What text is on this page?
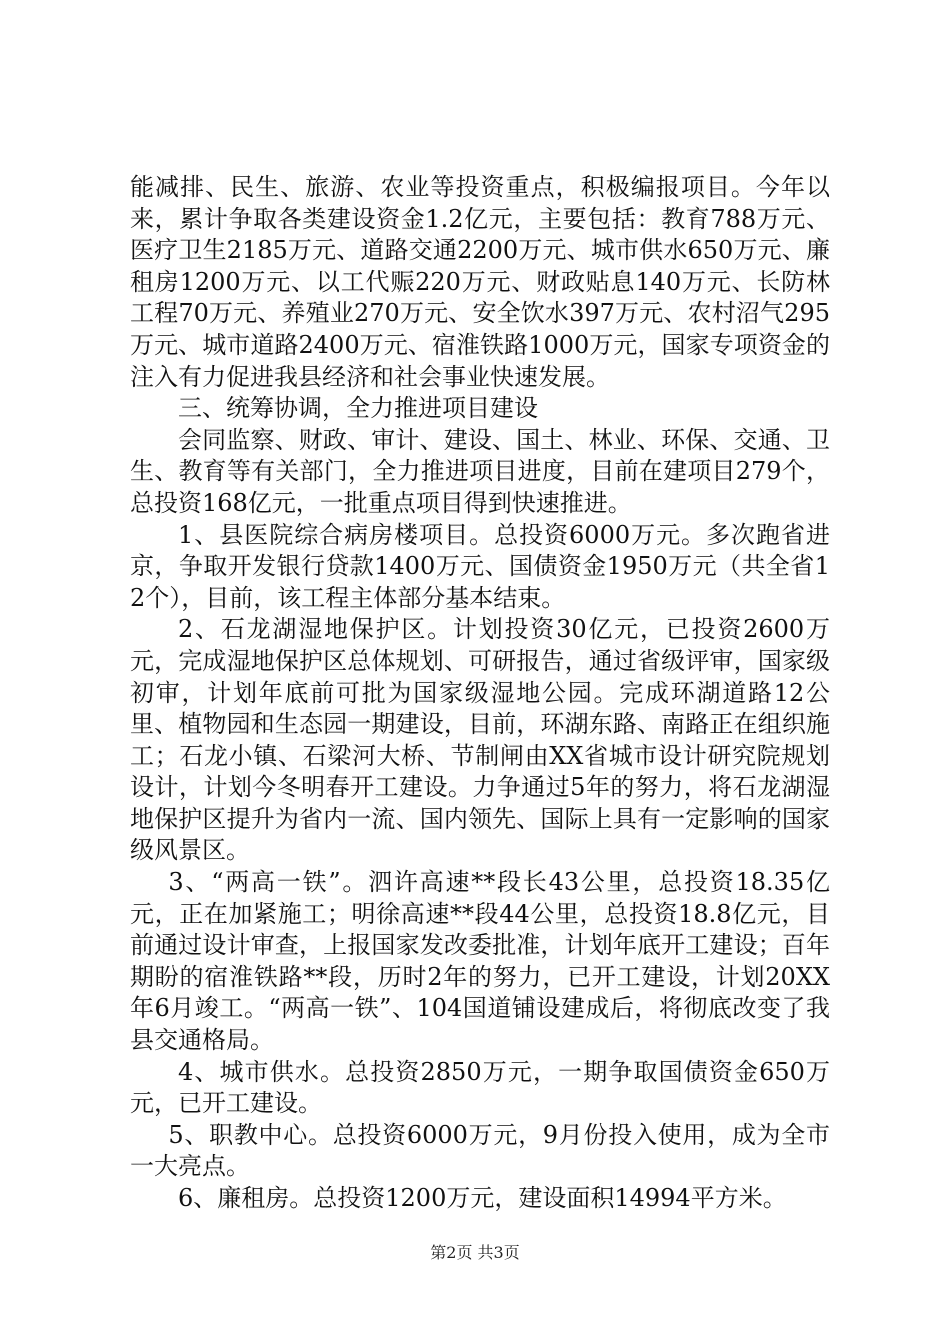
能减排、民生、旅游、农业等投资重点，积极编报项目。今年以来，累计争取各类建设资金1.2亿元，主要包括：教育788万元、医疗卫生2185万元、道路交通2200万元、城市供水650万元、廉租房1200万元、以工代赈220万元、财政贴息140万元、长防林工程70万元、养殖业270万元、安全饮水397万元、农村沼气295万元、城市道路2400万元、宿淮铁路1000万元，国家专项资金的注入有力促进我县经济和社会事业快速发展。

三、统筹协调，全力推进项目建设

会同监察、财政、审计、建设、国土、林业、环保、交通、卫生、教育等有关部门，全力推进项目进度，目前在建项目279个，总投资168亿元，一批重点项目得到快速推进。

1、县医院综合病房楼项目。总投资6000万元。多次跑省进京，争取开发银行贷款1400万元、国债资金1950万元（共全省12个），目前，该工程主体部分基本结束。

2、石龙湖湿地保护区。计划投资30亿元，已投资2600万元，完成湿地保护区总体规划、可研报告，通过省级评审，国家级初审，计划年底前可批为国家级湿地公园。完成环湖道路12公里、植物园和生态园一期建设，目前，环湖东路、南路正在组织施工；石龙小镇、石梁河大桥、节制闸由XX省城市设计研究院规划设计，计划今冬明春开工建设。力争通过5年的努力，将石龙湖湿地保护区提升为省内一流、国内领先、国际上具有一定影响的国家级风景区。

3、“两高一铁”。泗许高速**段长43公里，总投资18.35亿元，正在加紧施工；明徐高速**段44公里，总投资18.8亿元，目前通过设计审查，上报国家发改委批准，计划年底开工建设；百年期盼的宿淮铁路**段，历时2年的努力，已开工建设，计划20XX年6月竣工。“两高一铁”、104国道铺设建成后，将彻底改变了我县交通格局。

4、城市供水。总投资2850万元，一期争取国债资金650万元，已开工建设。

5、职教中心。总投资6000万元，9月份投入使用，成为全市一大亮点。

6、廉租房。总投资1200万元，建设面积14994平方米。

第2页 共3页
